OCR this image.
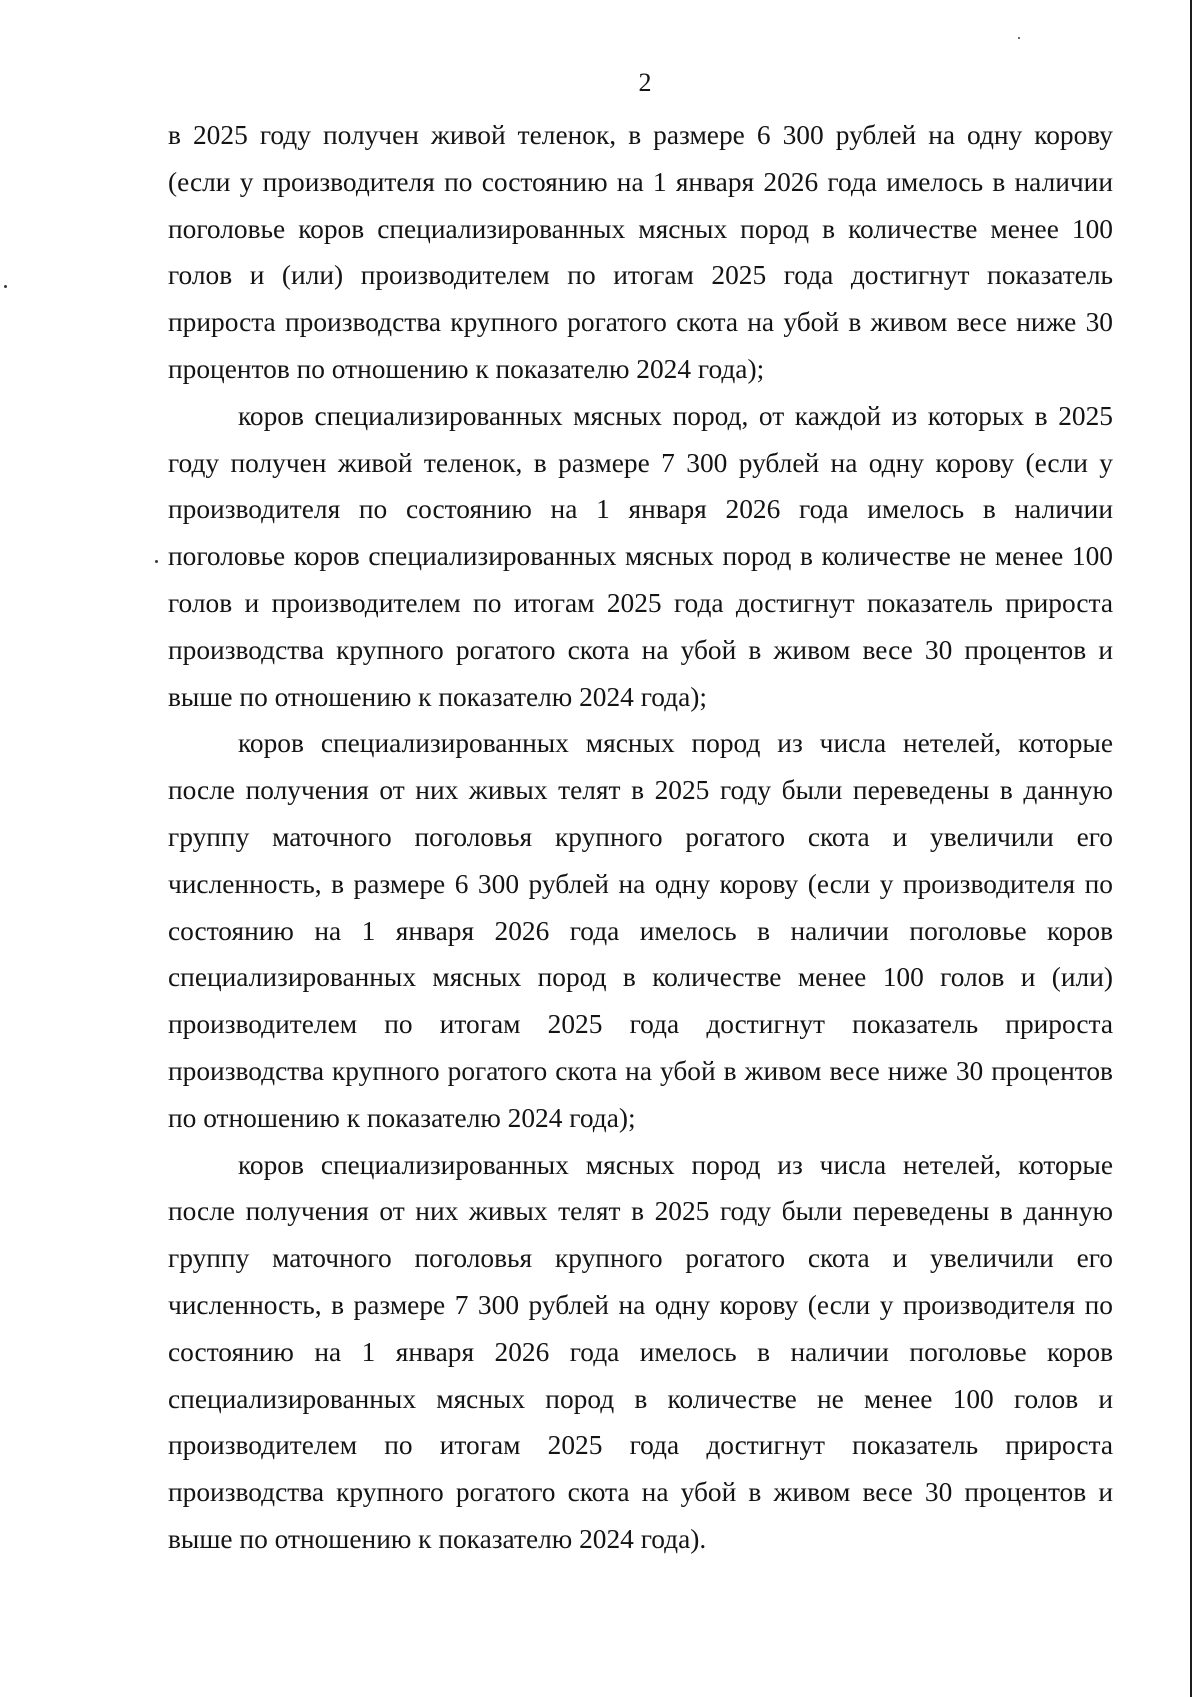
2

в 2025 году получен живой теленок, в размере 6 300 рублей на одну корову (если у производителя по состоянию на 1 января 2026 года имелось в наличии поголовье коров специализированных мясных пород в количестве менее 100 голов и (или) производителем по итогам 2025 года достигнут показатель прироста производства крупного рогатого скота на убой в живом весе ниже 30 процентов по отношению к показателю 2024 года);

коров специализированных мясных пород, от каждой из которых в 2025 году получен живой теленок, в размере 7 300 рублей на одну корову (если у производителя по состоянию на 1 января 2026 года имелось в наличии поголовье коров специализированных мясных пород в количестве не менее 100 голов и производителем по итогам 2025 года достигнут показатель прироста производства крупного рогатого скота на убой в живом весе 30 процентов и выше по отношению к показателю 2024 года);

коров специализированных мясных пород из числа нетелей, которые после получения от них живых телят в 2025 году были переведены в данную группу маточного поголовья крупного рогатого скота и увеличили его численность, в размере 6 300 рублей на одну корову (если у производителя по состоянию на 1 января 2026 года имелось в наличии поголовье коров специализированных мясных пород в количестве менее 100 голов и (или) производителем по итогам 2025 года достигнут показатель прироста производства крупного рогатого скота на убой в живом весе ниже 30 процентов по отношению к показателю 2024 года);

коров специализированных мясных пород из числа нетелей, которые после получения от них живых телят в 2025 году были переведены в данную группу маточного поголовья крупного рогатого скота и увеличили его численность, в размере 7 300 рублей на одну корову (если у производителя по состоянию на 1 января 2026 года имелось в наличии поголовье коров специализированных мясных пород в количестве не менее 100 голов и производителем по итогам 2025 года достигнут показатель прироста производства крупного рогатого скота на убой в живом весе 30 процентов и выше по отношению к показателю 2024 года).
